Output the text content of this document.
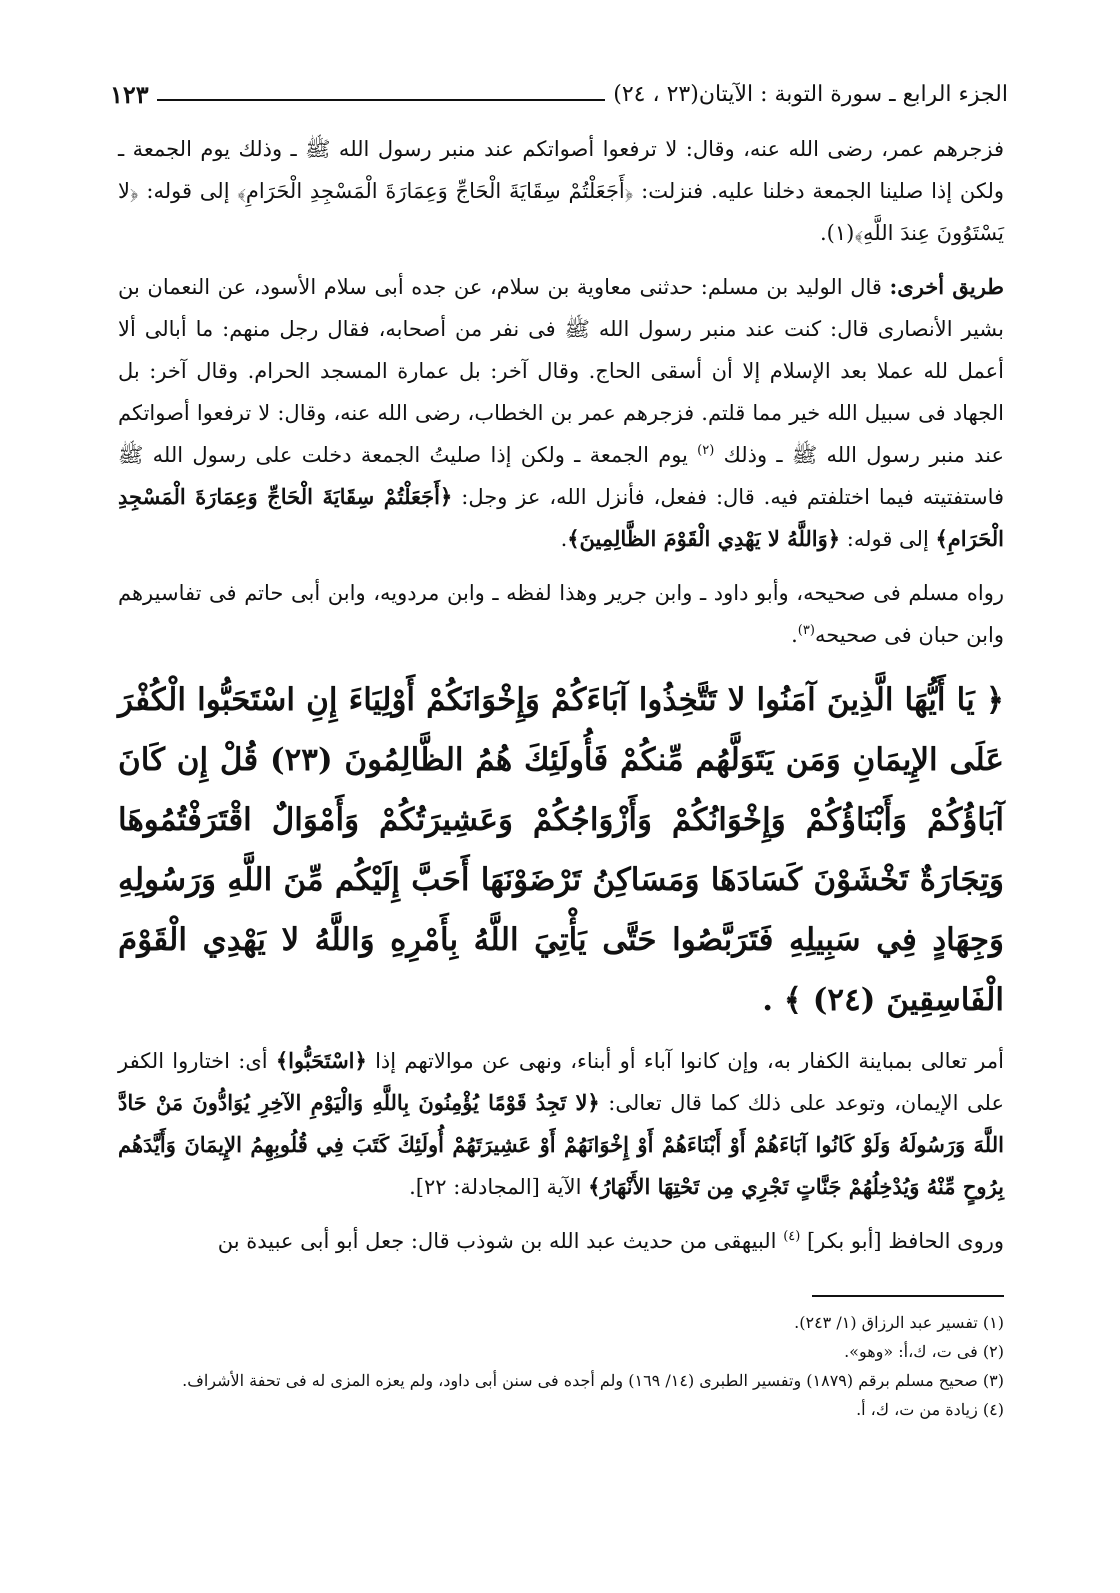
الجزء الرابع ـ سورة التوبة : الآيتان(٢٣ ، ٢٤)
١٢٣

فزجرهم عمر، رضى الله عنه، وقال: لا ترفعوا أصواتكم عند منبر رسول الله ﷺ ـ وذلك يوم الجمعة ـ ولكن إذا صلينا الجمعة دخلنا عليه. فنزلت: ﴿أَجَعَلْتُمْ سِقَايَةَ الْحَاجِّ وَعِمَارَةَ الْمَسْجِدِ الْحَرَامِ﴾ إلى قوله: ﴿لا يَسْتَوُونَ عِندَ اللَّهِ﴾(١).

طريق أخرى: قال الوليد بن مسلم: حدثنى معاوية بن سلام، عن جده أبى سلام الأسود، عن النعمان بن بشير الأنصارى قال: كنت عند منبر رسول الله ﷺ فى نفر من أصحابه، فقال رجل منهم: ما أبالى ألا أعمل لله عملا بعد الإسلام إلا أن أسقى الحاج. وقال آخر: بل عمارة المسجد الحرام. وقال آخر: بل الجهاد فى سبيل الله خير مما قلتم. فزجرهم عمر بن الخطاب، رضى الله عنه، وقال: لا ترفعوا أصواتكم عند منبر رسول الله ﷺ ـ وذلك $^{(٢)}$ يوم الجمعة ـ ولكن إذا صليتُ الجمعة دخلت على رسول الله ﷺ فاستفتيته فيما اختلفتم فيه. قال: ففعل، فأنزل الله، عز وجل: ﴿أَجَعَلْتُمْ سِقَايَةَ الْحَاجِّ وَعِمَارَةَ الْمَسْجِدِ الْحَرَامِ﴾ إلى قوله: ﴿وَاللَّهُ لا يَهْدِي الْقَوْمَ الظَّالِمِينَ﴾.

رواه مسلم فى صحيحه، وأبو داود ـ وابن جرير وهذا لفظه ـ وابن مردويه، وابن أبى حاتم فى تفاسيرهم وابن حبان فى صحيحه$^{(٣)}$.

﴿ يَا أَيُّهَا الَّذِينَ آمَنُوا لا تَتَّخِذُوا آبَاءَكُمْ وَإِخْوَانَكُمْ أَوْلِيَاءَ إِنِ اسْتَحَبُّوا الْكُفْرَ عَلَى الإِيمَانِ وَمَن يَتَوَلَّهُم مِّنكُمْ فَأُولَئِكَ هُمُ الظَّالِمُونَ (٢٣) قُلْ إِن كَانَ آبَاؤُكُمْ وَأَبْنَاؤُكُمْ وَإِخْوَانُكُمْ وَأَزْوَاجُكُمْ وَعَشِيرَتُكُمْ وَأَمْوَالٌ اقْتَرَفْتُمُوهَا وَتِجَارَةٌ تَخْشَوْنَ كَسَادَهَا وَمَسَاكِنُ تَرْضَوْنَهَا أَحَبَّ إِلَيْكُم مِّنَ اللَّهِ وَرَسُولِهِ وَجِهَادٍ فِي سَبِيلِهِ فَتَرَبَّصُوا حَتَّى يَأْتِيَ اللَّهُ بِأَمْرِهِ وَاللَّهُ لا يَهْدِي الْقَوْمَ الْفَاسِقِينَ (٢٤) ﴾ .

أمر تعالى بمباينة الكفار به، وإن كانوا آباء أو أبناء، ونهى عن موالاتهم إذا ﴿اسْتَحَبُّوا﴾ أى: اختاروا الكفر على الإيمان، وتوعد على ذلك كما قال تعالى: ﴿لا تَجِدُ قَوْمًا يُؤْمِنُونَ بِاللَّهِ وَالْيَوْمِ الآخِرِ يُوَادُّونَ مَنْ حَادَّ اللَّهَ وَرَسُولَهُ وَلَوْ كَانُوا آبَاءَهُمْ أَوْ أَبْنَاءَهُمْ أَوْ إِخْوَانَهُمْ أَوْ عَشِيرَتَهُمْ أُولَئِكَ كَتَبَ فِي قُلُوبِهِمُ الإِيمَانَ وَأَيَّدَهُم بِرُوحٍ مِّنْهُ وَيُدْخِلُهُمْ جَنَّاتٍ تَجْرِي مِن تَحْتِهَا الأَنْهَارُ﴾ الآية [المجادلة: ٢٢].

وروى الحافظ [أبو بكر] $^{(٤)}$ البيهقى من حديث عبد الله بن شوذب قال: جعل أبو أبى عبيدة بن

(١) تفسير عبد الرزاق (١/ ٢٤٣).

(٢) فى ت، ك،أ: «وهو».

(٣) صحيح مسلم برقم (١٨٧٩) وتفسير الطبرى (١٤/ ١٦٩) ولم أجده فى سنن أبى داود، ولم يعزه المزى له فى تحفة الأشراف.

(٤) زيادة من ت، ك، أ.
